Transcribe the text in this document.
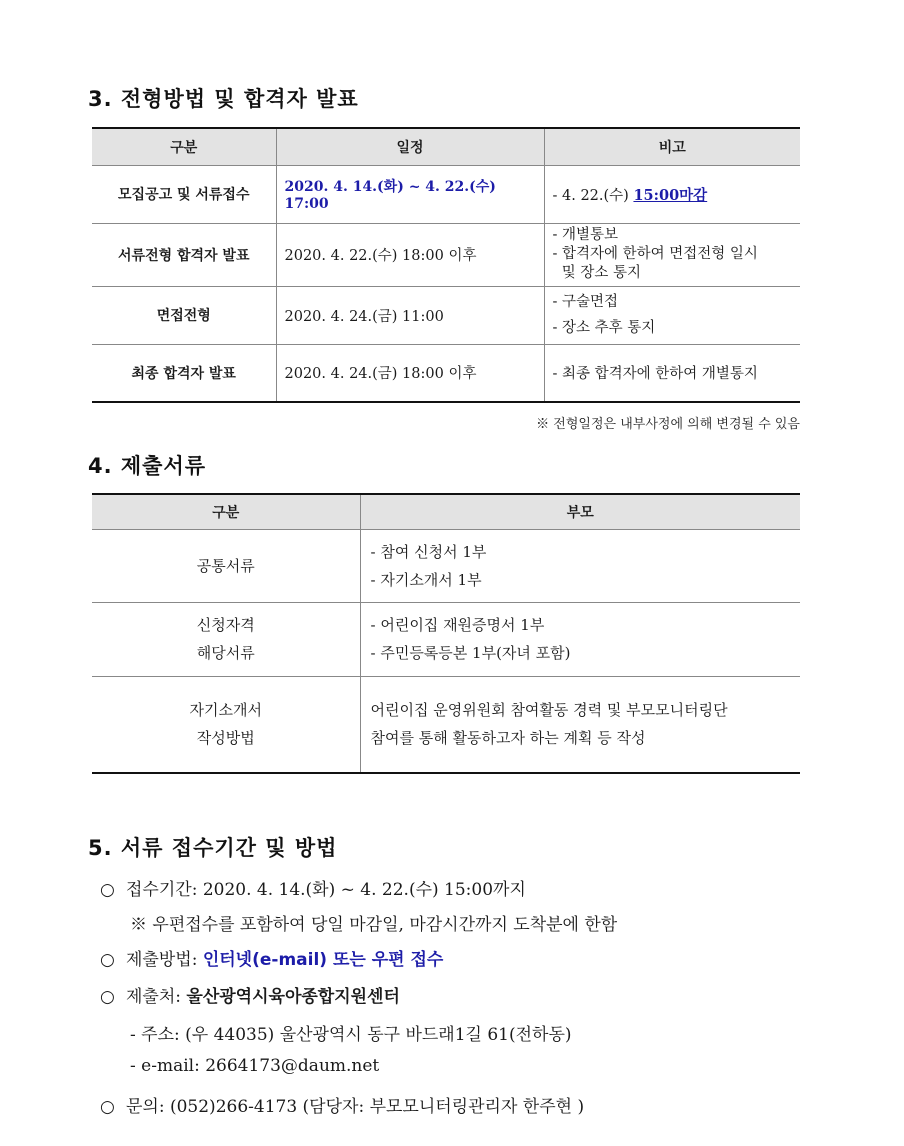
3. 전형방법 및 합격자 발표
구분	일정	비고
모집공고 및 서류접수	2020. 4. 14.(화) ~ 4. 22.(수) 17:00	- 4. 22.(수) 15:00마감
서류전형 합격자 발표	2020. 4. 22.(수) 18:00 이후	- 개별통보
- 합격자에 한하여 면접전형 일시
및 장소 통지

면접전형	2020. 4. 24.(금) 11:00	- 구술면접
- 장소 추후 통지

최종 합격자 발표	2020. 4. 24.(금) 18:00 이후	- 최종 합격자에 한하여 개별통지
※ 전형일정은 내부사정에 의해 변경될 수 있음
4. 제출서류
구분	부모

공통서류	- 참여 신청서 1부
- 자기소개서 1부

신청자격
해당서류	- 어린이집 재원증명서 1부
- 주민등록등본 1부(자녀 포함)

자기소개서
작성방법	어린이집 운영위원회 참여활동 경력 및 부모모니터링단
참여를 통해 활동하고자 하는 계획 등 작성
5. 서류 접수기간 및 방법
○ 접수기간: 2020. 4. 14.(화) ~ 4. 22.(수) 15:00까지
※ 우편접수를 포함하여 당일 마감일, 마감시간까지 도착분에 한함
○ 제출방법: 인터넷(e-mail) 또는 우편 접수
○ 제출처: 울산광역시육아종합지원센터
- 주소: (우 44035) 울산광역시 동구 바드래1길 61(전하동)
- e-mail: 2664173@daum.net
○ 문의: (052)266-4173 (담당자: 부모모니터링관리자 한주현 )
